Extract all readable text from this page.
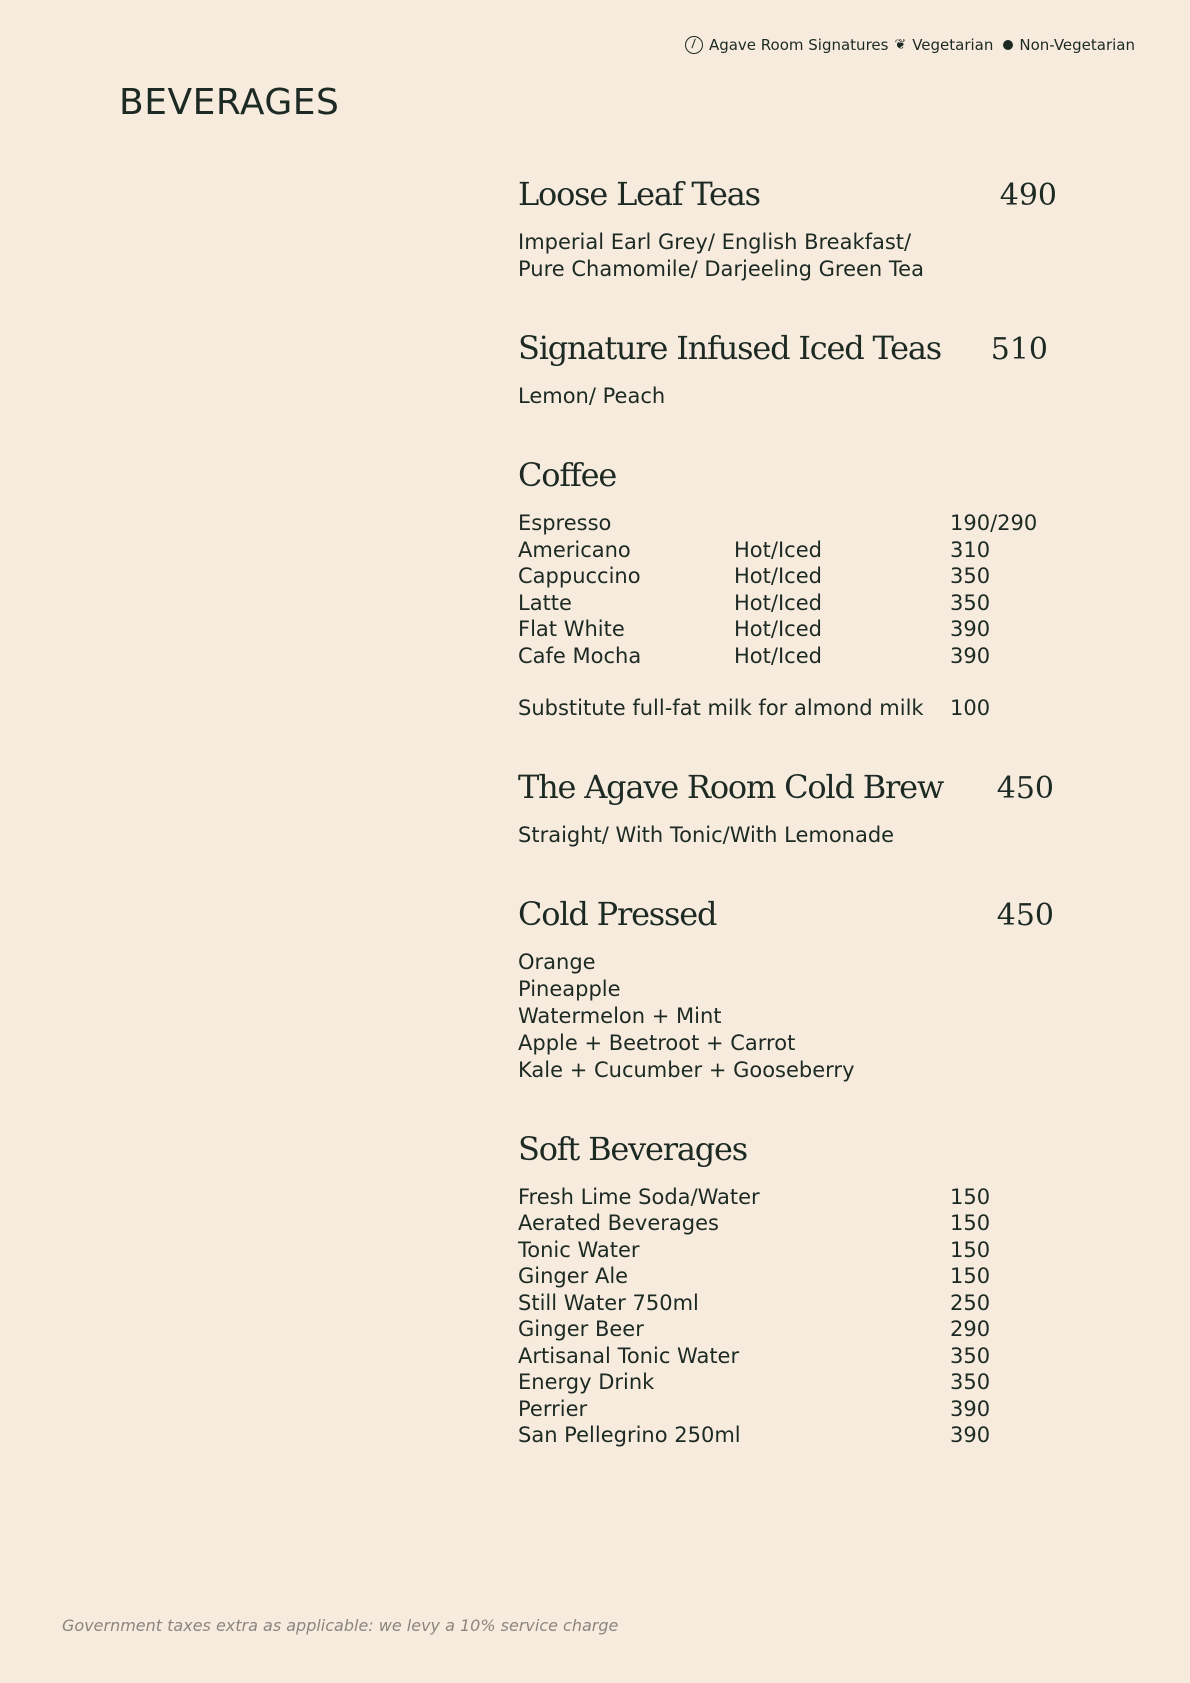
Agave Room Signatures ❦ Vegetarian Non-Vegetarian
BEVERAGES
Loose Leaf Teas	490
Imperial Earl Grey/ English Breakfast/
Pure Chamomile/ Darjeeling Green Tea
Signature Infused Iced Teas 510
Lemon/ Peach
Coffee
Espresso	190/290
Americano	Hot/Iced	310
Cappuccino	Hot/Iced	350
Latte	Hot/Iced	350
Flat White	Hot/Iced	390
Cafe Mocha	Hot/Iced	390
Substitute full-fat milk for almond milk	100
The Agave Room Cold Brew 450
Straight/ With Tonic/With Lemonade
Cold Pressed	450
Orange
Pineapple
Watermelon + Mint
Apple + Beetroot + Carrot
Kale + Cucumber + Gooseberry
Soft Beverages
Fresh Lime Soda/Water	150
Aerated Beverages	150
Tonic Water	150
Ginger Ale	150
Still Water 750ml	250
Ginger Beer	290
Artisanal Tonic Water	350
Energy Drink	350
Perrier	390
San Pellegrino 250ml	390
Government taxes extra as applicable: we levy a 10% service charge
